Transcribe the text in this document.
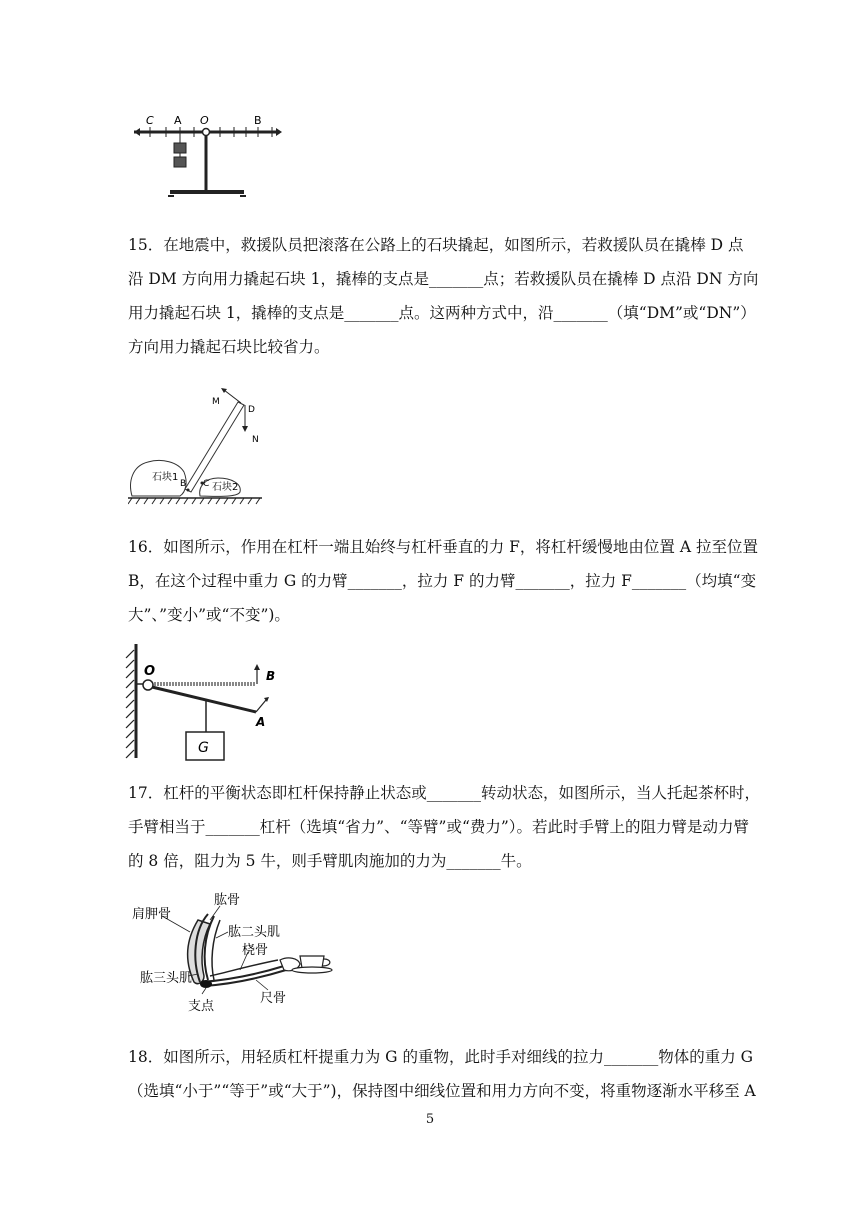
C A O	B

15．在地震中，救援队员把滚落在公路上的石块撬起，如图所示，若救援队员在撬棒 D 点

沿 DM 方向用力撬起石块 1，撬棒的支点是_______点；若救援队员在撬棒 D 点沿 DN 方向

用力撬起石块 1，撬棒的支点是_______点。这两种方式中，沿_______（填“DM”或“DN”）

方向用力撬起石块比较省力。

M
D
N
B C
石块1
石块2

16．如图所示，作用在杠杆一端且始终与杠杆垂直的力 F，将杠杆缓慢地由位置 A 拉至位置

B，在这个过程中重力 G 的力臂_______，拉力 F 的力臂_______，拉力 F_______（均填“变

大”、”变小”或“不变”)。

O	B
A
G

17．杠杆的平衡状态即杠杆保持静止状态或_______转动状态，如图所示，当人托起茶杯时，

手臂相当于_______杠杆（选填“省力”、“等臂”或“费力”）。若此时手臂上的阻力臂是动力臂

的 8 倍，阻力为 5 牛，则手臂肌肉施加的力为_______牛。

肱骨
肩胛骨
肱二头肌
桡骨
肱三头肌
尺骨
支点

18．如图所示，用轻质杠杆提重力为 G 的重物，此时手对细线的拉力_______物体的重力 G

（选填“小于”“等于”或“大于”)，保持图中细线位置和用力方向不变，将重物逐渐水平移至 A

5
